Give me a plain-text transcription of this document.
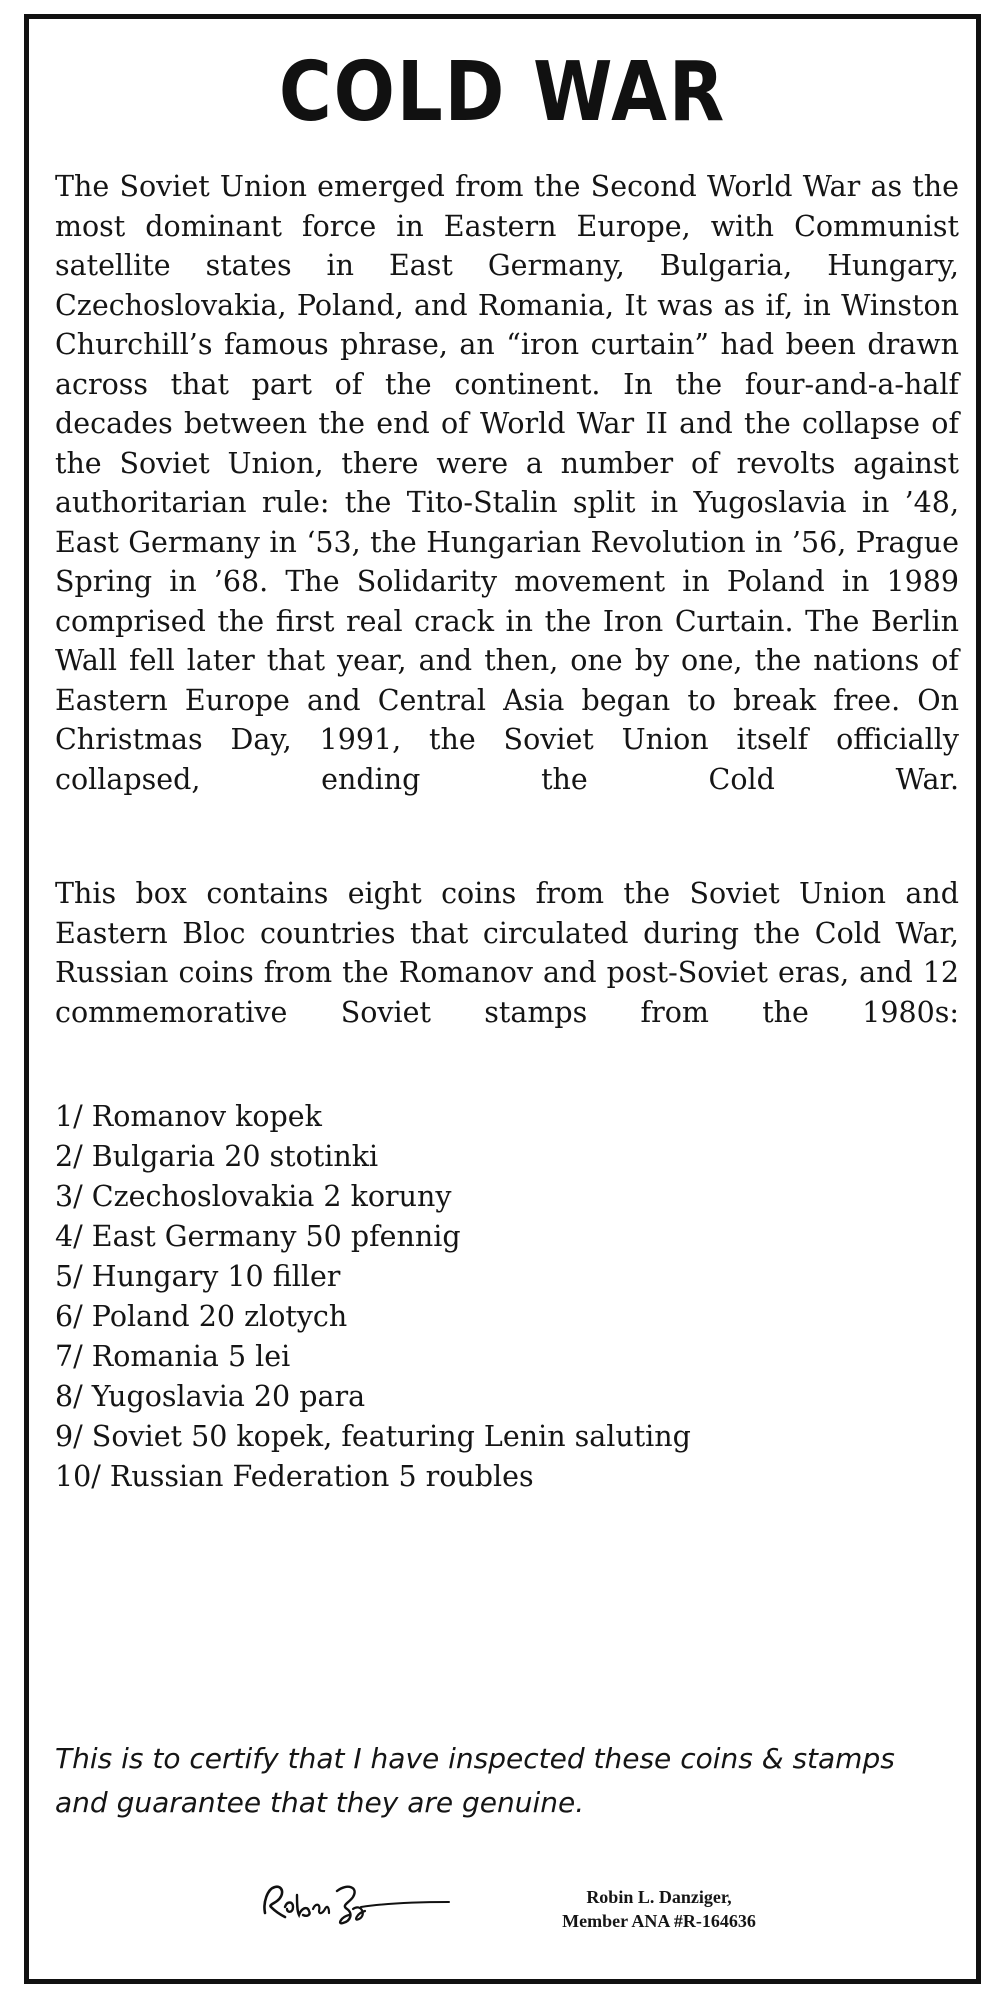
COLD WAR

The Soviet Union emerged from the Second World War as the most dominant force in Eastern Europe, with Communist satellite states in East Germany, Bulgaria, Hungary, Czechoslovakia, Poland, and Romania, It was as if, in Winston Churchill’s famous phrase, an “iron curtain” had been drawn across that part of the continent. In the four-and-a-half decades between the end of World War II and the collapse of the Soviet Union, there were a number of revolts against authoritarian rule: the Tito-Stalin split in Yugoslavia in ’48, East Germany in ‘53, the Hungarian Revolution in ’56, Prague Spring in ’68. The Solidarity movement in Poland in 1989 comprised the first real crack in the Iron Curtain. The Berlin Wall fell later that year, and then, one by one, the nations of Eastern Europe and Central Asia began to break free. On Christmas Day, 1991, the Soviet Union itself officially collapsed, ending the Cold War.

This box contains eight coins from the Soviet Union and Eastern Bloc countries that circulated during the Cold War, Russian coins from the Romanov and post-Soviet eras, and 12 commemorative Soviet stamps from the 1980s:

1/ Romanov kopek
2/ Bulgaria 20 stotinki
3/ Czechoslovakia 2 koruny
4/ East Germany 50 pfennig
5/ Hungary 10 filler
6/ Poland 20 zlotych
7/ Romania 5 lei
8/ Yugoslavia 20 para
9/ Soviet 50 kopek, featuring Lenin saluting
10/ Russian Federation 5 roubles

This is to certify that I have inspected these coins & stamps and guarantee that they are genuine.

Robin L. Danziger,
Member ANA #R-164636
